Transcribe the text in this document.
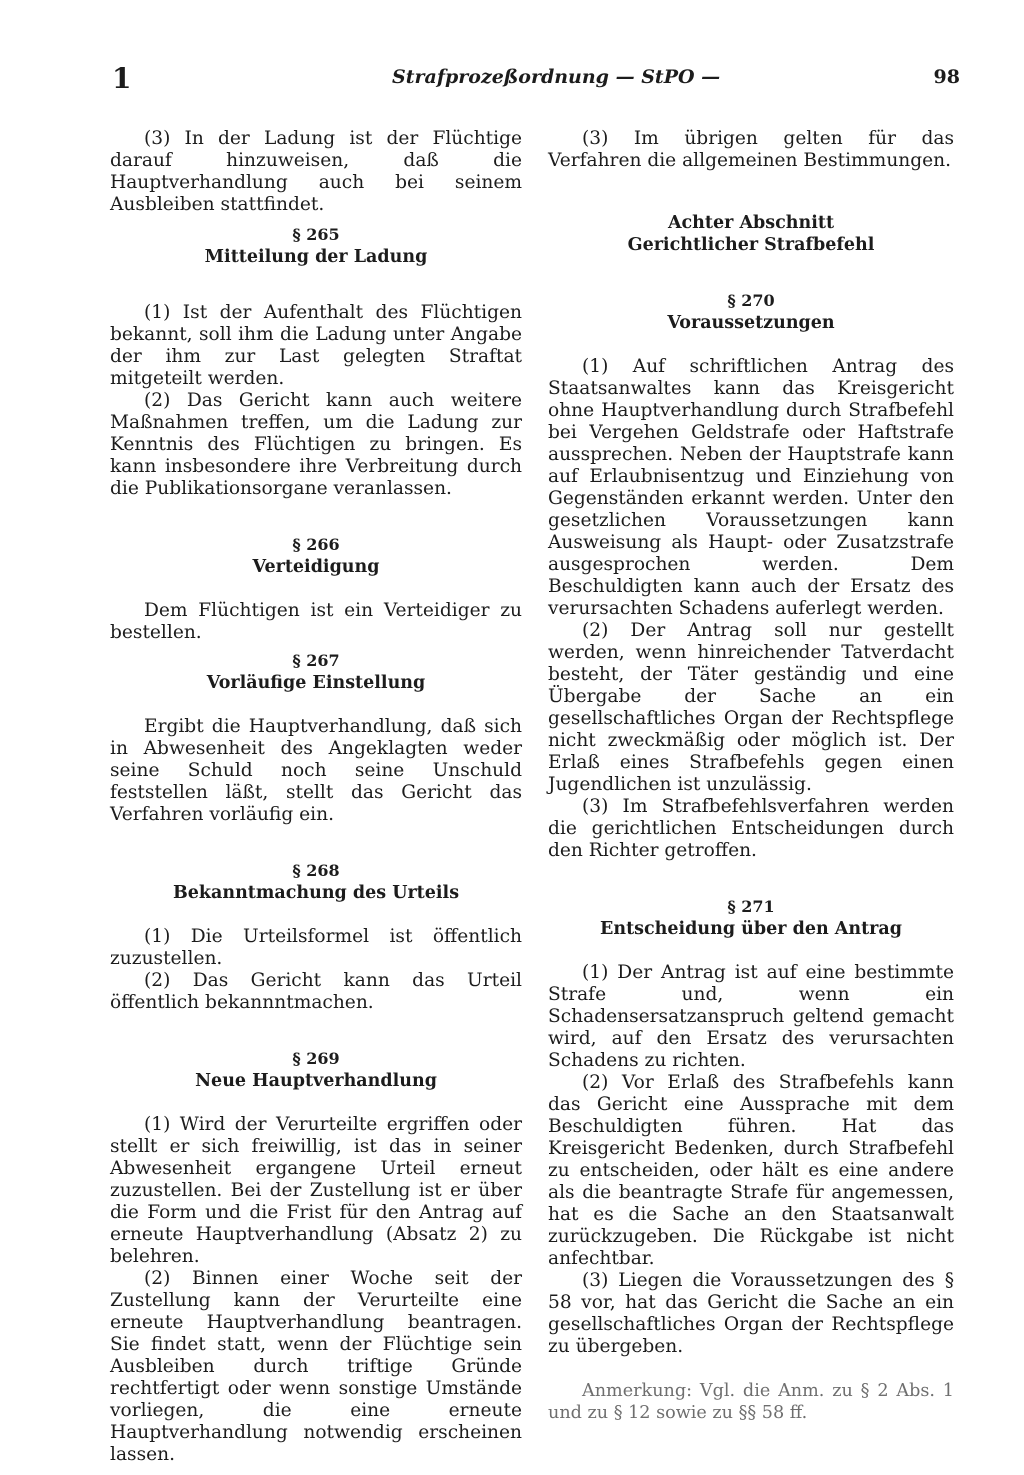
1	Strafprozeßordnung — StPO —	98

(3) In der Ladung ist der Flüchtige darauf hinzuweisen, daß die Hauptverhandlung auch bei seinem Ausbleiben stattfindet.

§ 265
Mitteilung der Ladung

(1) Ist der Aufenthalt des Flüchtigen bekannt, soll ihm die Ladung unter Angabe der ihm zur Last gelegten Straftat mitgeteilt werden.

(2) Das Gericht kann auch weitere Maßnahmen treffen, um die Ladung zur Kenntnis des Flüchtigen zu bringen. Es kann insbesondere ihre Verbreitung durch die Publikationsorgane veranlassen.

§ 266
Verteidigung

Dem Flüchtigen ist ein Verteidiger zu bestellen.

§ 267
Vorläufige Einstellung

Ergibt die Hauptverhandlung, daß sich in Abwesenheit des Angeklagten weder seine Schuld noch seine Unschuld feststellen läßt, stellt das Gericht das Verfahren vorläufig ein.

§ 268
Bekanntmachung des Urteils

(1) Die Urteilsformel ist öffentlich zuzustellen.

(2) Das Gericht kann das Urteil öffentlich bekannntmachen.

§ 269
Neue Hauptverhandlung

(1) Wird der Verurteilte ergriffen oder stellt er sich freiwillig, ist das in seiner Abwesenheit ergangene Urteil erneut zuzustellen. Bei der Zustellung ist er über die Form und die Frist für den Antrag auf erneute Hauptverhandlung (Absatz 2) zu belehren.

(2) Binnen einer Woche seit der Zustellung kann der Verurteilte eine erneute Hauptverhandlung beantragen. Sie findet statt, wenn der Flüchtige sein Ausbleiben durch triftige Gründe rechtfertigt oder wenn sonstige Umstände vorliegen, die eine erneute Hauptverhandlung notwendig erscheinen lassen.

(3) Im übrigen gelten für das Verfahren die allgemeinen Bestimmungen.

Achter Abschnitt
Gerichtlicher Strafbefehl
§ 270
Voraussetzungen

(1) Auf schriftlichen Antrag des Staatsanwaltes kann das Kreisgericht ohne Hauptverhandlung durch Strafbefehl bei Vergehen Geldstrafe oder Haftstrafe aussprechen. Neben der Hauptstrafe kann auf Erlaubnisentzug und Einziehung von Gegenständen erkannt werden. Unter den gesetzlichen Voraussetzungen kann Ausweisung als Haupt- oder Zusatzstrafe ausgesprochen werden. Dem Beschuldigten kann auch der Ersatz des verursachten Schadens auferlegt werden.

(2) Der Antrag soll nur gestellt werden, wenn hinreichender Tatverdacht besteht, der Täter geständig und eine Übergabe der Sache an ein gesellschaftliches Organ der Rechtspflege nicht zweckmäßig oder möglich ist. Der Erlaß eines Strafbefehls gegen einen Jugendlichen ist unzulässig.

(3) Im Strafbefehlsverfahren werden die gerichtlichen Entscheidungen durch den Richter getroffen.

§ 271
Entscheidung über den Antrag

(1) Der Antrag ist auf eine bestimmte Strafe und, wenn ein Schadensersatzanspruch geltend gemacht wird, auf den Ersatz des verursachten Schadens zu richten.

(2) Vor Erlaß des Strafbefehls kann das Gericht eine Aussprache mit dem Beschuldigten führen. Hat das Kreisgericht Bedenken, durch Strafbefehl zu entscheiden, oder hält es eine andere als die beantragte Strafe für angemessen, hat es die Sache an den Staatsanwalt zurückzugeben. Die Rückgabe ist nicht anfechtbar.

(3) Liegen die Voraussetzungen des § 58 vor, hat das Gericht die Sache an ein gesellschaftliches Organ der Rechtspflege zu übergeben.

Anmerkung: Vgl. die Anm. zu § 2 Abs. 1 und zu § 12 sowie zu §§ 58 ff.
